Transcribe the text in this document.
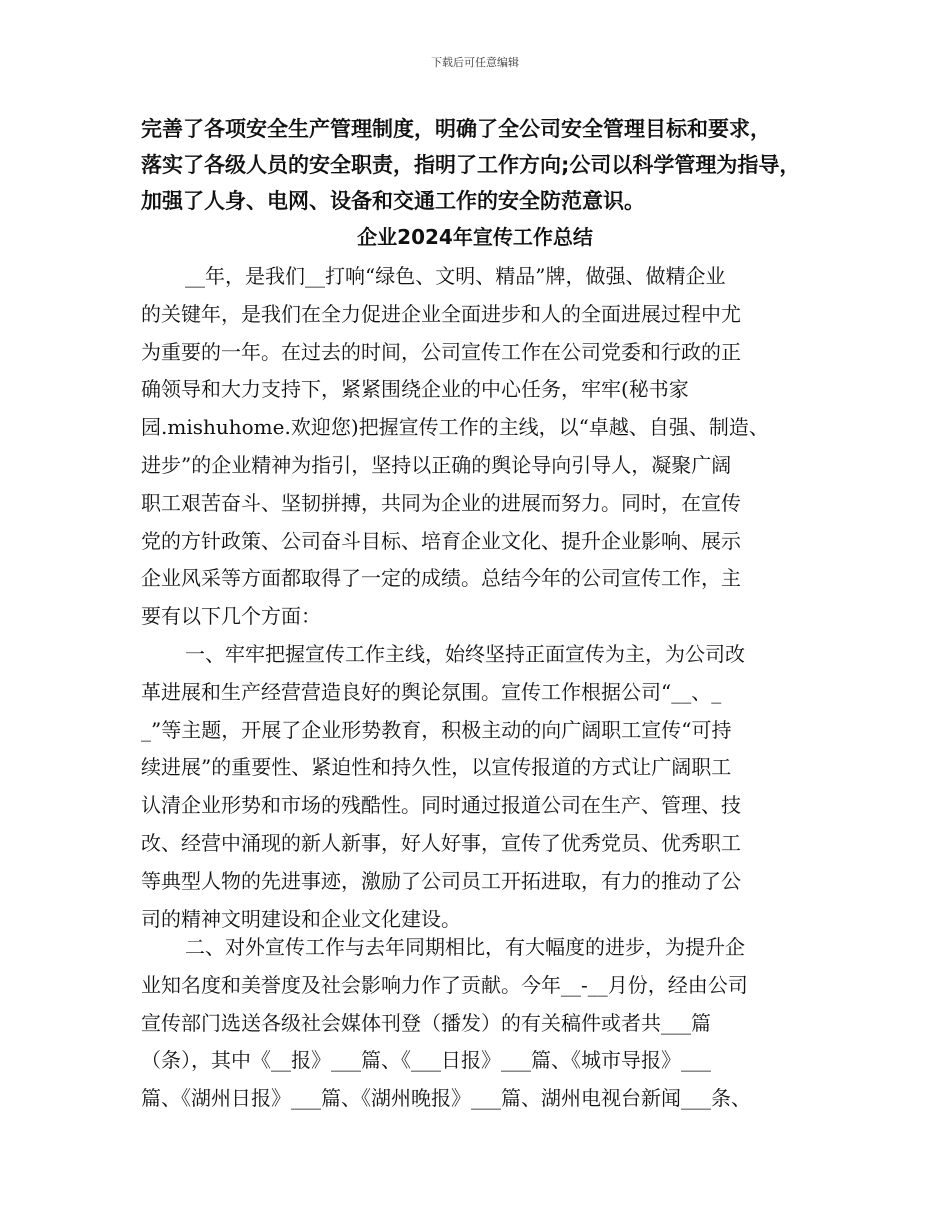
下载后可任意编辑
完善了各项安全生产管理制度，明确了全公司安全管理目标和要求，
落实了各级人员的安全职责，指明了工作方向;公司以科学管理为指导，
加强了人身、电网、设备和交通工作的安全防范意识。
企业2024年宣传工作总结
__年，是我们__打响“绿色、文明、精品”牌，做强、做精企业
的关键年，是我们在全力促进企业全面进步和人的全面进展过程中尤
为重要的一年。在过去的时间，公司宣传工作在公司党委和行政的正
确领导和大力支持下，紧紧围绕企业的中心任务，牢牢(秘书家
园.mishuhome.欢迎您)把握宣传工作的主线，以“卓越、自强、制造、
进步”的企业精神为指引，坚持以正确的舆论导向引导人，凝聚广阔
职工艰苦奋斗、坚韧拼搏，共同为企业的进展而努力。同时，在宣传
党的方针政策、公司奋斗目标、培育企业文化、提升企业影响、展示
企业风采等方面都取得了一定的成绩。总结今年的公司宣传工作，主
要有以下几个方面：
一、牢牢把握宣传工作主线，始终坚持正面宣传为主，为公司改
革进展和生产经营营造良好的舆论氛围。宣传工作根据公司“__、_
_”等主题，开展了企业形势教育，积极主动的向广阔职工宣传“可持
续进展”的重要性、紧迫性和持久性，以宣传报道的方式让广阔职工
认清企业形势和市场的残酷性。同时通过报道公司在生产、管理、技
改、经营中涌现的新人新事，好人好事，宣传了优秀党员、优秀职工
等典型人物的先进事迹，激励了公司员工开拓进取，有力的推动了公
司的精神文明建设和企业文化建设。
二、对外宣传工作与去年同期相比，有大幅度的进步，为提升企
业知名度和美誉度及社会影响力作了贡献。今年__-__月份，经由公司
宣传部门选送各级社会媒体刊登（播发）的有关稿件或者共___篇
（条），其中《__报》___篇、《___日报》___篇、《城市导报》___
篇、《湖州日报》___篇、《湖州晚报》___篇、湖州电视台新闻___条、
